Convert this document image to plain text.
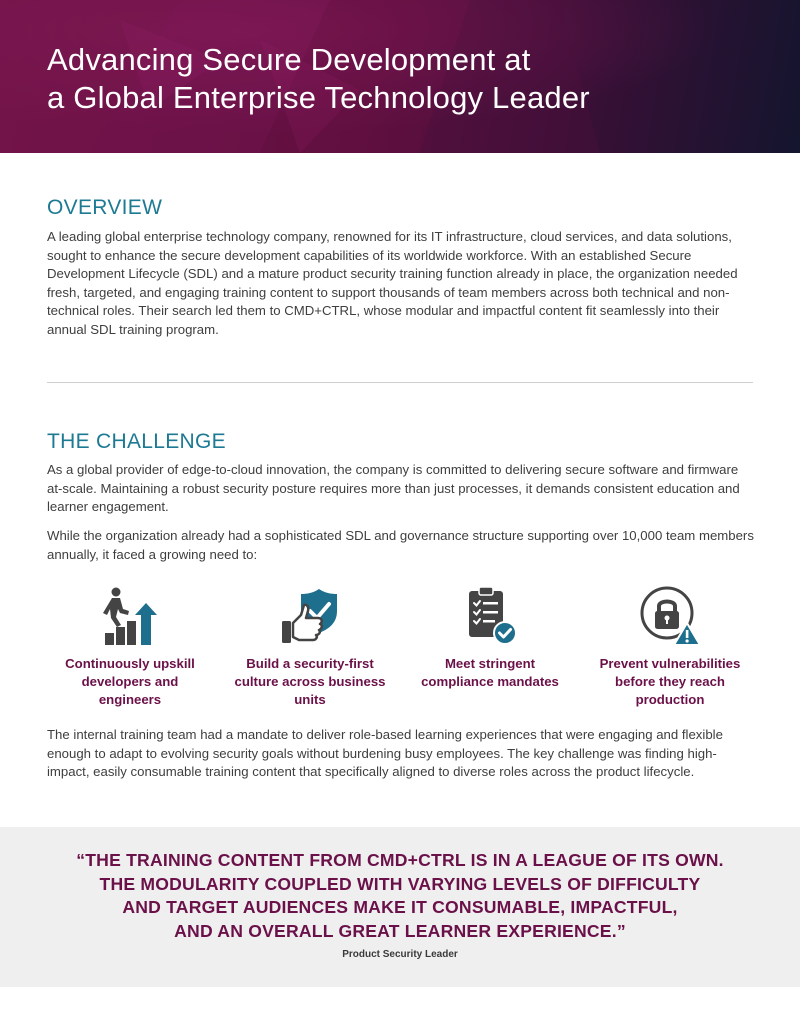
Advancing Secure Development at
a Global Enterprise Technology Leader
OVERVIEW

A leading global enterprise technology company, renowned for its IT infrastructure, cloud services, and data solutions, sought to enhance the secure development capabilities of its worldwide workforce. With an established Secure Development Lifecycle (SDL) and a mature product security training function already in place, the organization needed fresh, targeted, and engaging training content to support thousands of team members across both technical and non-technical roles. Their search led them to CMD+CTRL, whose modular and impactful content fit seamlessly into their annual SDL training program.

THE CHALLENGE

As a global provider of edge-to-cloud innovation, the company is committed to delivering secure software and firmware at-scale. Maintaining a robust security posture requires more than just processes, it demands consistent education and learner engagement.

While the organization already had a sophisticated SDL and governance structure supporting over 10,000 team members annually, it faced a growing need to:

Continuously upskill developers and engineers
Build a security-first culture across business units
Meet stringent compliance mandates
Prevent vulnerabilities before they reach production

The internal training team had a mandate to deliver role-based learning experiences that were engaging and flexible enough to adapt to evolving security goals without burdening busy employees. The key challenge was finding high-impact, easily consumable training content that specifically aligned to diverse roles across the product lifecycle.

“THE TRAINING CONTENT FROM CMD+CTRL IS IN A LEAGUE OF ITS OWN.
THE MODULARITY COUPLED WITH VARYING LEVELS OF DIFFICULTY
AND TARGET AUDIENCES MAKE IT CONSUMABLE, IMPACTFUL,
AND AN OVERALL GREAT LEARNER EXPERIENCE.”
Product Security Leader
